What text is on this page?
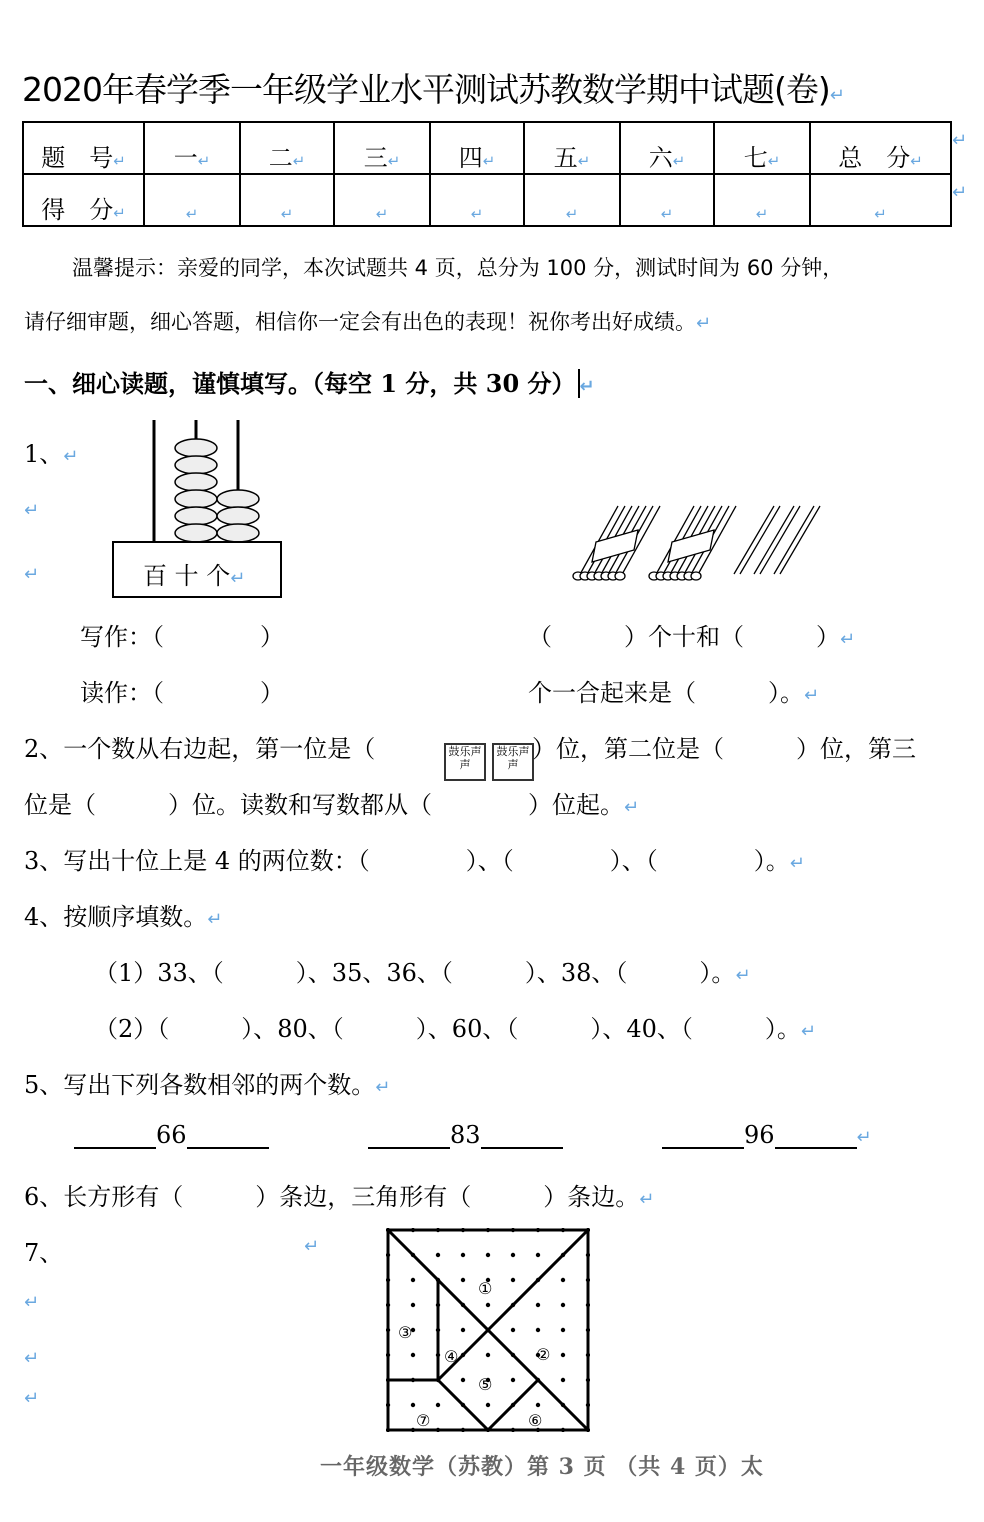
2020年春学季一年级学业水平测试苏教数学期中试题(卷)↵
题　号↵	一↵	二↵	三↵	四↵	五↵	六↵	七↵	总　分↵
得　分↵	↵	↵	↵	↵	↵	↵	↵	↵
↵
↵
温馨提示：亲爱的同学，本次试题共 4 页，总分为 100 分，测试时间为 60 分钟，
请仔细审题，细心答题，相信你一定会有出色的表现！祝你考出好成绩。↵
一、细心读题，谨慎填写。（每空 1 分，共 30 分） ↵
1、↵
↵
↵	百 十 个↵
写作：（　　　　）
读作：（　　　　）
（　　　）个十和（　　　）↵
个一合起来是（　　　）。↵
2、一个数从右边起，第一位是（	鼓乐声声
鼓乐声声
）位，第二位是（　　　）位，第三
位是（　　　）位。读数和写数都从（　　　　）位起。↵
3、写出十位上是 4 的两位数：（　　　　）、（　　　　）、（　　　　）。↵
4、按顺序填数。↵
（1）33、（　　　）、35、36、（　　　）、38、（　　　）。↵
（2）（　　　）、80、（　　　）、60、（　　　）、40、（　　　）。↵
5、写出下列各数相邻的两个数。↵
66	83	96	↵
6、长方形有（　　　）条边，三角形有（　　　）条边。↵
7、	↵
↵
↵
↵
①
②
③
④
⑤
⑥
⑦
一年级数学（苏教）第 3 页 （共 4 页）太
